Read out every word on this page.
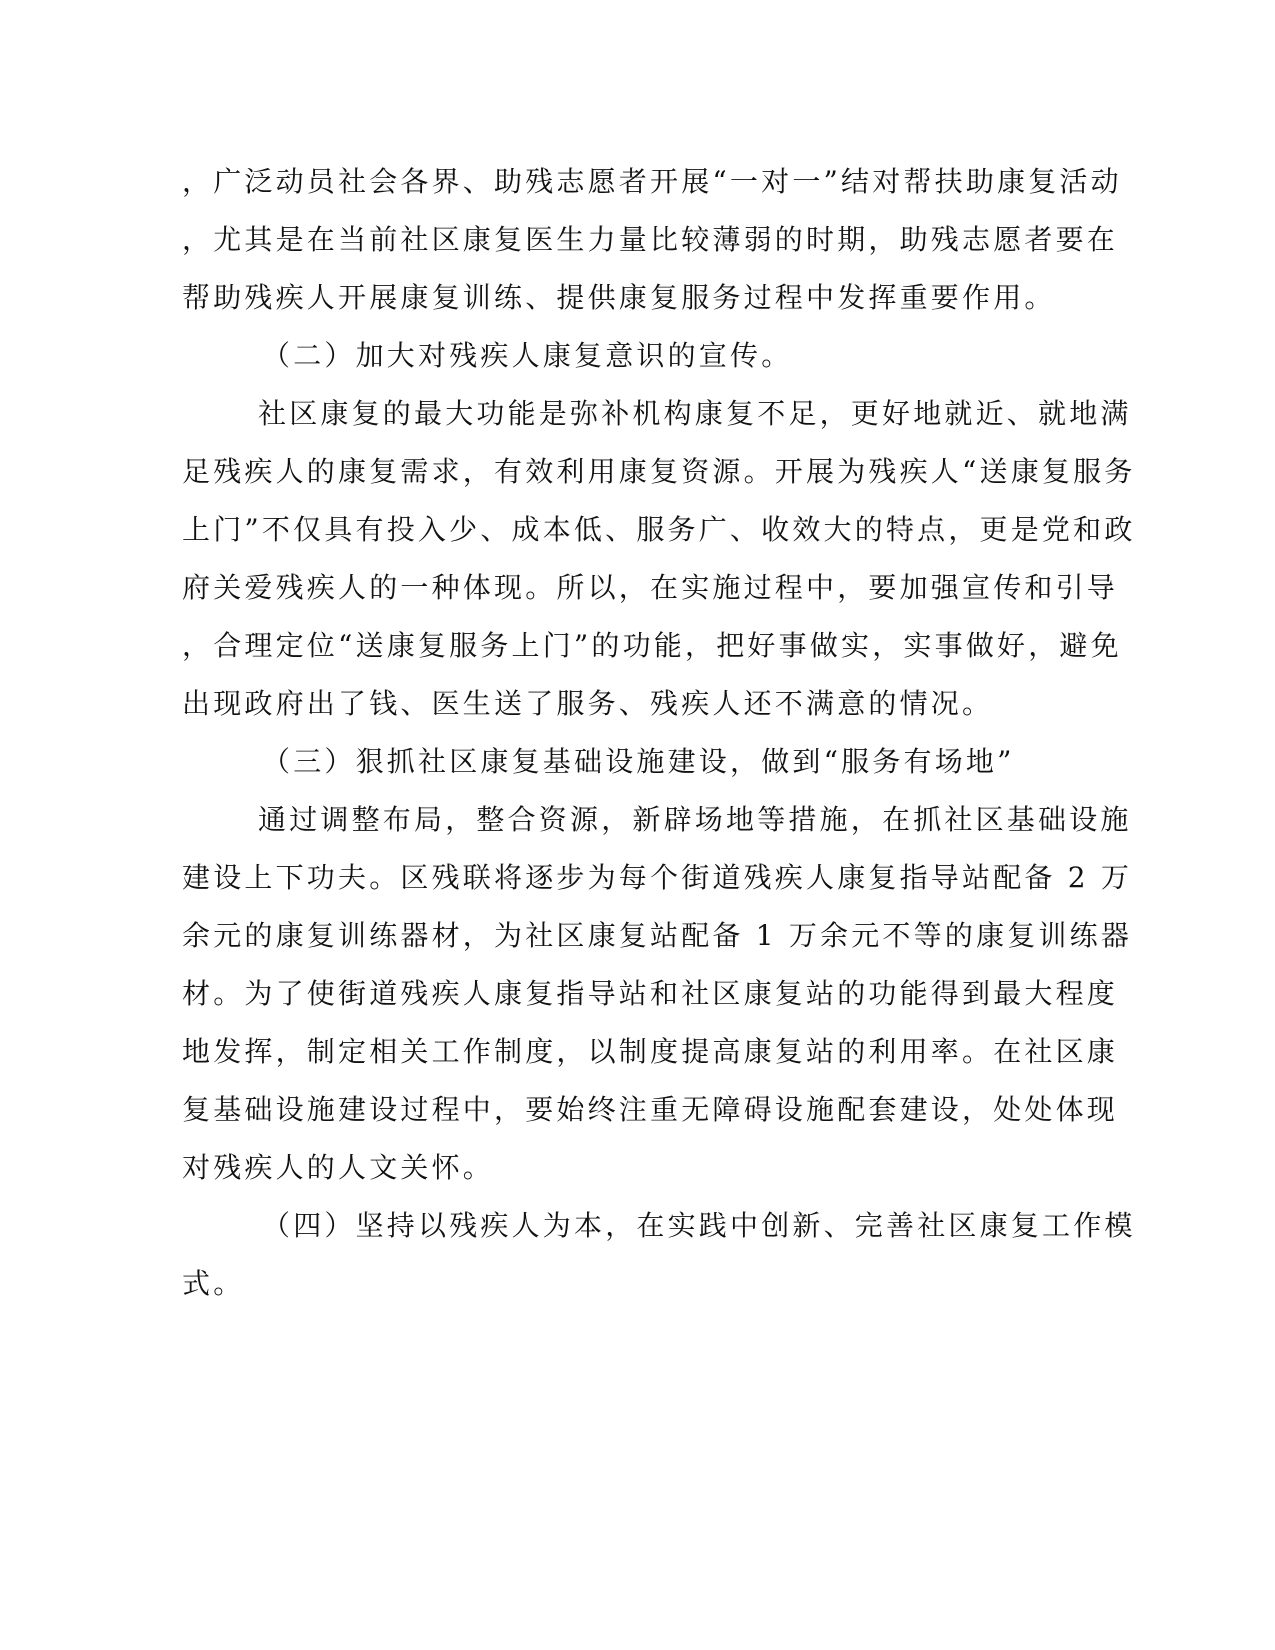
，广泛动员社会各界、助残志愿者开展“一对一”结对帮扶助康复活动
，尤其是在当前社区康复医生力量比较薄弱的时期，助残志愿者要在
帮助残疾人开展康复训练、提供康复服务过程中发挥重要作用。
（二）加大对残疾人康复意识的宣传。
社区康复的最大功能是弥补机构康复不足，更好地就近、就地满
足残疾人的康复需求，有效利用康复资源。开展为残疾人“送康复服务
上门”不仅具有投入少、成本低、服务广、收效大的特点，更是党和政
府关爱残疾人的一种体现。所以，在实施过程中，要加强宣传和引导
，合理定位“送康复服务上门”的功能，把好事做实，实事做好，避免
出现政府出了钱、医生送了服务、残疾人还不满意的情况。
（三）狠抓社区康复基础设施建设，做到“服务有场地”
通过调整布局，整合资源，新辟场地等措施，在抓社区基础设施
建设上下功夫。区残联将逐步为每个街道残疾人康复指导站配备 2 万
余元的康复训练器材，为社区康复站配备 1 万余元不等的康复训练器
材。为了使街道残疾人康复指导站和社区康复站的功能得到最大程度
地发挥，制定相关工作制度，以制度提高康复站的利用率。在社区康
复基础设施建设过程中，要始终注重无障碍设施配套建设，处处体现
对残疾人的人文关怀。
（四）坚持以残疾人为本，在实践中创新、完善社区康复工作模
式。
